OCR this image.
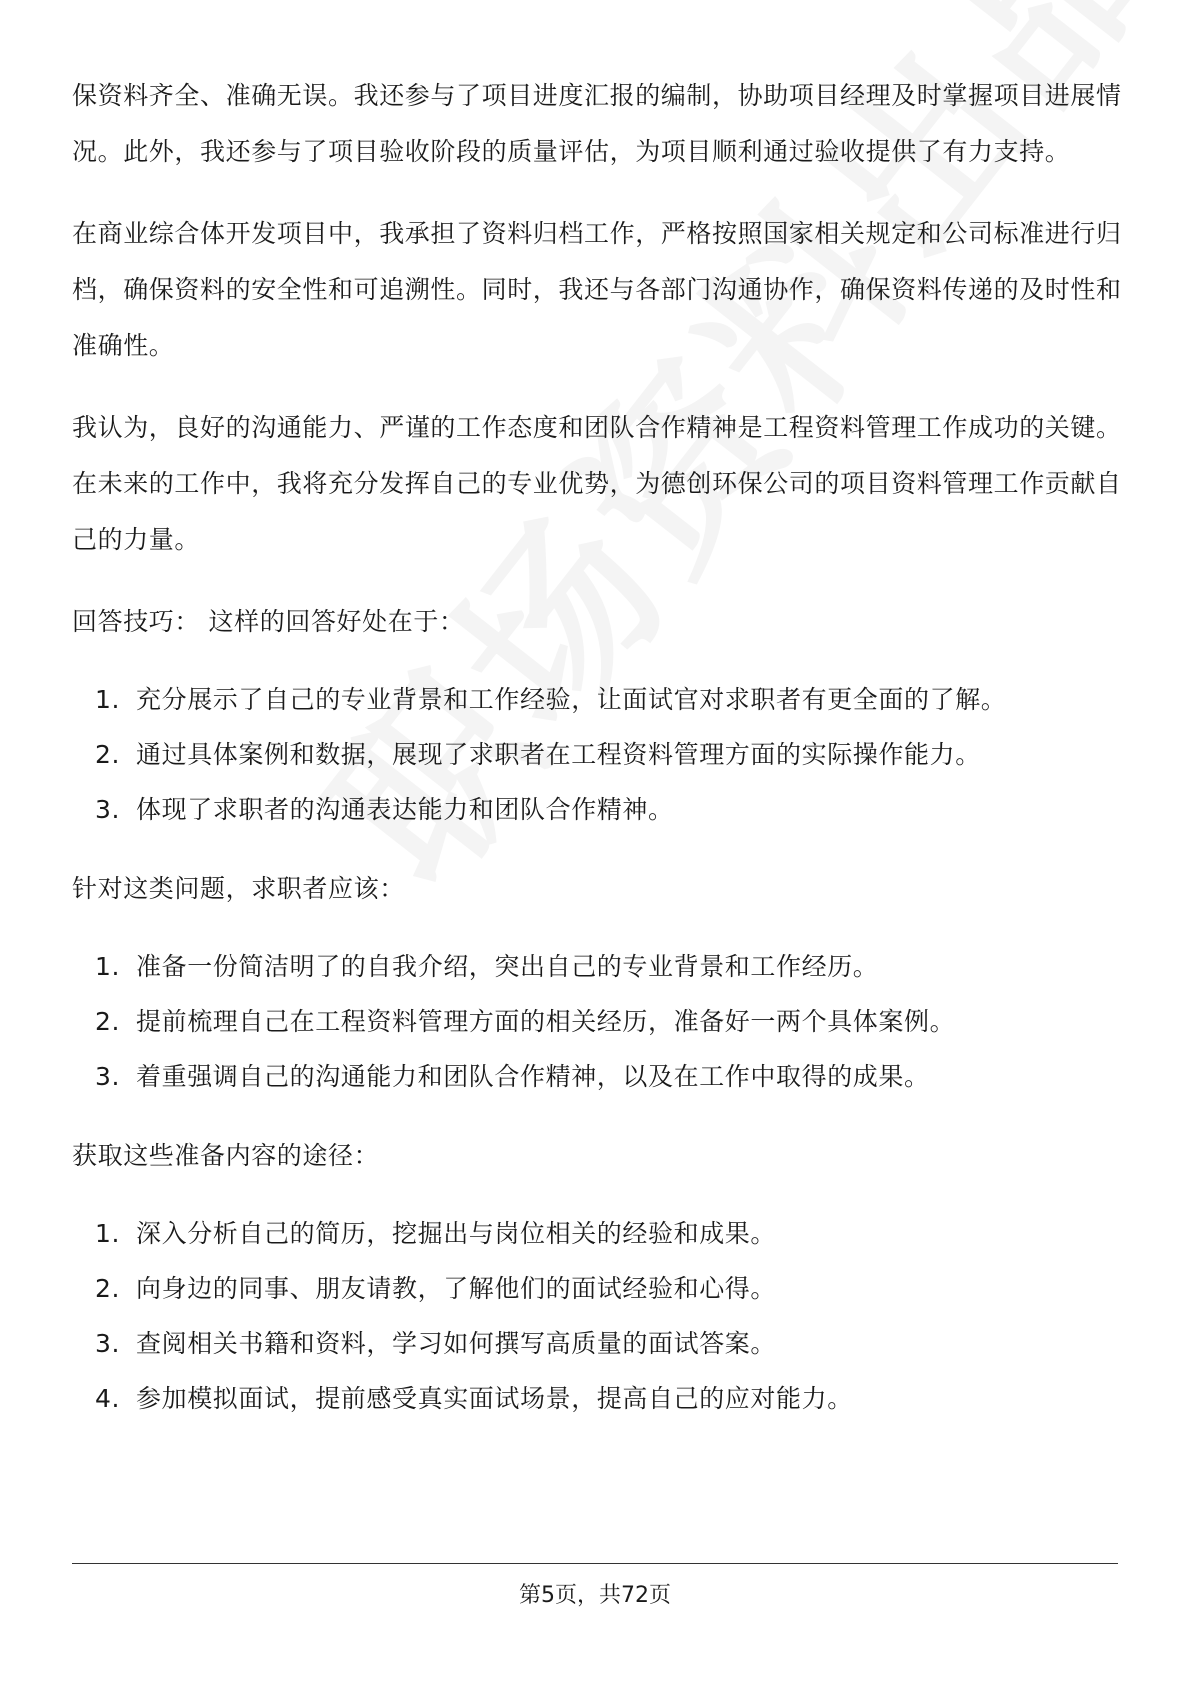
保资料齐全、准确无误。我还参与了项目进度汇报的编制，协助项目经理及时掌握项目进展情况。此外，我还参与了项目验收阶段的质量评估，为项目顺利通过验收提供了有力支持。

在商业综合体开发项目中，我承担了资料归档工作，严格按照国家相关规定和公司标准进行归档，确保资料的安全性和可追溯性。同时，我还与各部门沟通协作，确保资料传递的及时性和准确性。

我认为，良好的沟通能力、严谨的工作态度和团队合作精神是工程资料管理工作成功的关键。在未来的工作中，我将充分发挥自己的专业优势，为德创环保公司的项目资料管理工作贡献自己的力量。

回答技巧： 这样的回答好处在于：

1. 充分展示了自己的专业背景和工作经验，让面试官对求职者有更全面的了解。
2. 通过具体案例和数据，展现了求职者在工程资料管理方面的实际操作能力。
3. 体现了求职者的沟通表达能力和团队合作精神。

针对这类问题，求职者应该：

1. 准备一份简洁明了的自我介绍，突出自己的专业背景和工作经历。
2. 提前梳理自己在工程资料管理方面的相关经历，准备好一两个具体案例。
3. 着重强调自己的沟通能力和团队合作精神，以及在工作中取得的成果。

获取这些准备内容的途径：

1. 深入分析自己的简历，挖掘出与岗位相关的经验和成果。
2. 向身边的同事、朋友请教，了解他们的面试经验和心得。
3. 查阅相关书籍和资料，学习如何撰写高质量的面试答案。
4. 参加模拟面试，提前感受真实面试场景，提高自己的应对能力。
第5页，共72页
